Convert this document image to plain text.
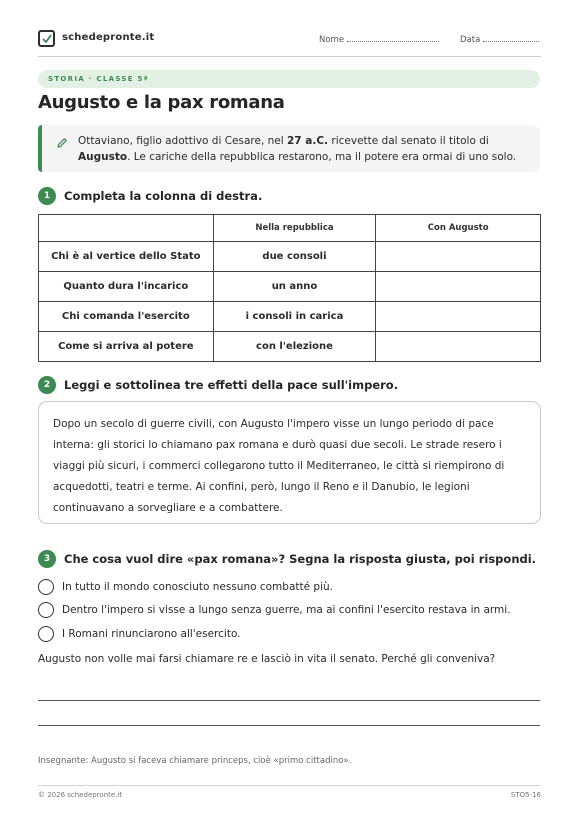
schedepronte.it	Nome	Data
STORIA · CLASSE 5ª
Augusto e la pax romana
Ottaviano, figlio adottivo di Cesare, nel 27 a.C. ricevette dal senato il titolo di Augusto. Le cariche della repubblica restarono, ma il potere era ormai di uno solo.
1	Completa la colonna di destra.
	Nella repubblica	Con Augusto
Chi è al vertice dello Stato	due consoli	
Quanto dura l'incarico	un anno	
Chi comanda l'esercito	i consoli in carica	
Come si arriva al potere	con l'elezione	
2	Leggi e sottolinea tre effetti della pace sull'impero.
Dopo un secolo di guerre civili, con Augusto l'impero visse un lungo periodo di pace interna: gli storici lo chiamano pax romana e durò quasi due secoli. Le strade resero i viaggi più sicuri, i commerci collegarono tutto il Mediterraneo, le città si riempirono di acquedotti, teatri e terme. Ai confini, però, lungo il Reno e il Danubio, le legioni continuavano a sorvegliare e a combattere.
3	Che cosa vuol dire «pax romana»? Segna la risposta giusta, poi rispondi.
In tutto il mondo conosciuto nessuno combatté più.
Dentro l'impero si visse a lungo senza guerre, ma ai confini l'esercito restava in armi.
I Romani rinunciarono all'esercito.
Augusto non volle mai farsi chiamare re e lasciò in vita il senato. Perché gli conveniva?
Insegnante: Augusto si faceva chiamare princeps, cioè «primo cittadino».
© 2026 schedepronte.it	STO5-16
